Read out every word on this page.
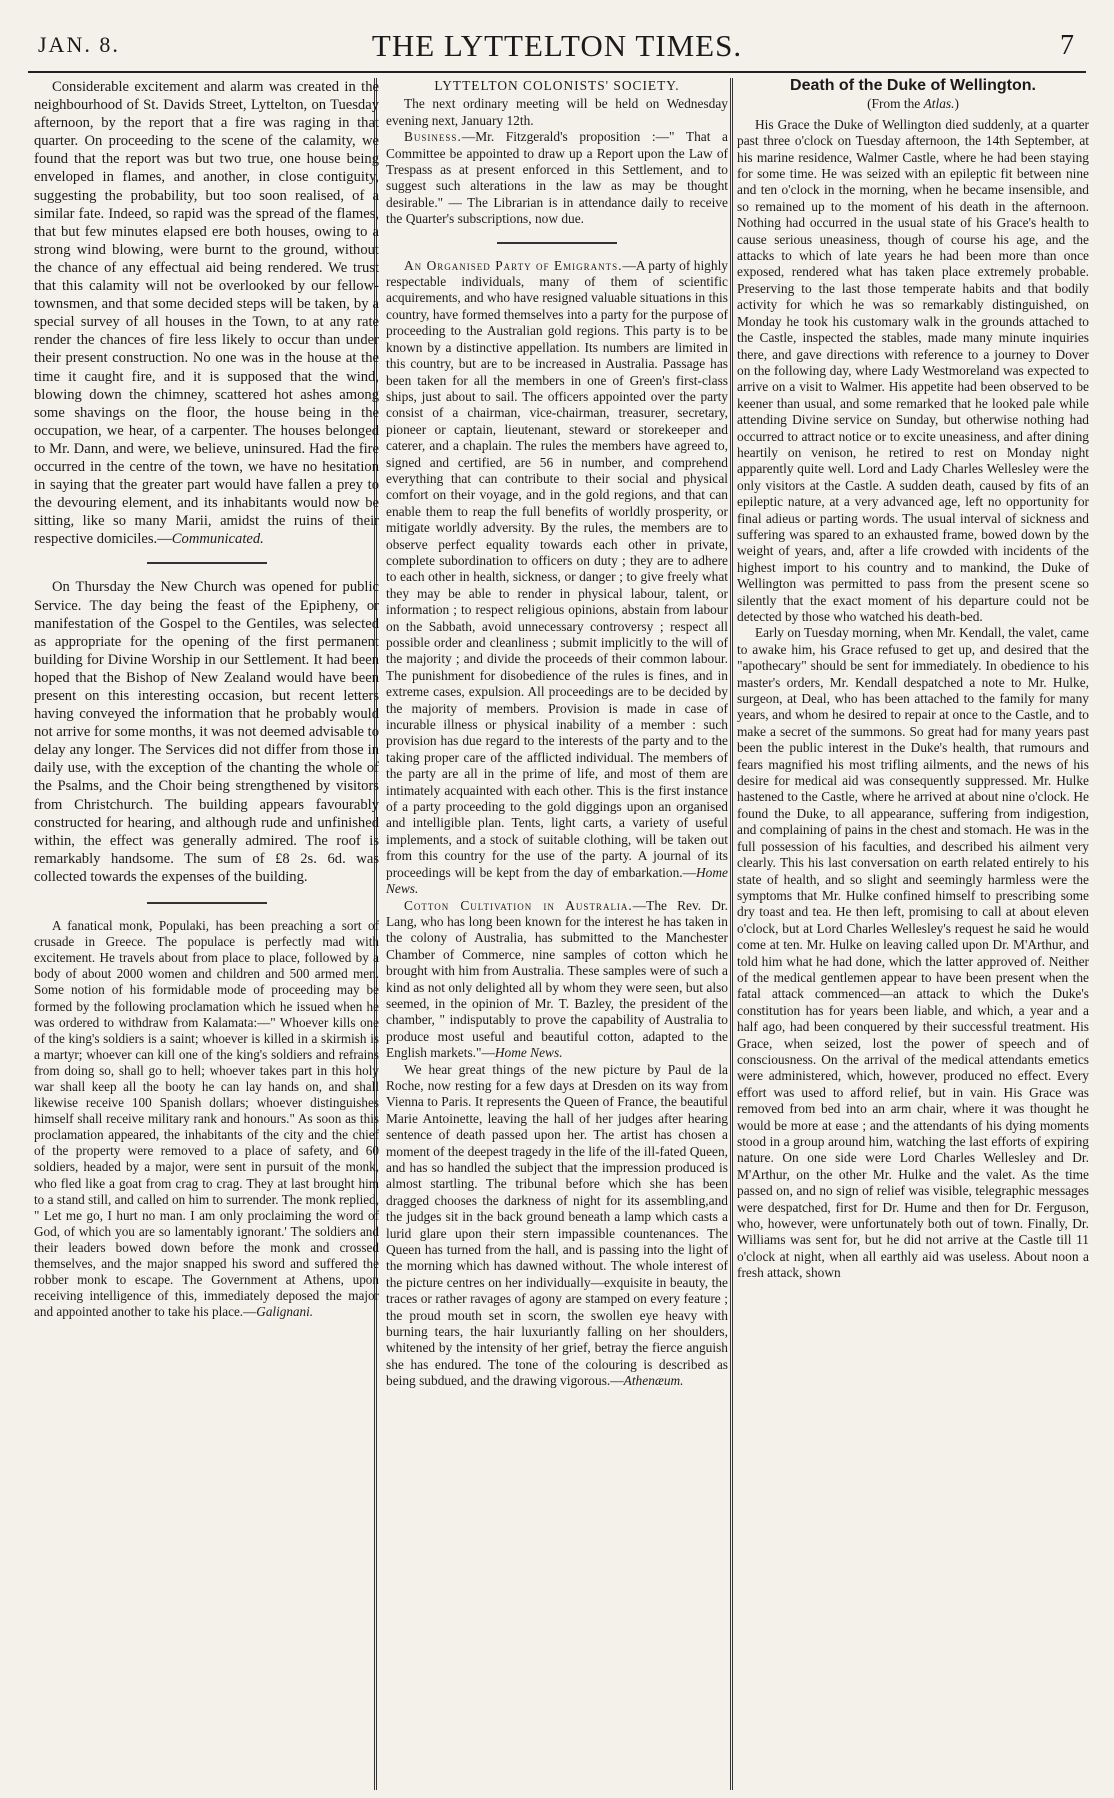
JAN. 8.	THE LYTTELTON TIMES.	7

Considerable excitement and alarm was created in the neighbourhood of St. Davids Street, Lyttelton, on Tuesday afternoon, by the report that a fire was raging in that quarter. On proceeding to the scene of the calamity, we found that the report was but two true, one house being enveloped in flames, and another, in close contiguity, suggesting the probability, but too soon realised, of a similar fate. Indeed, so rapid was the spread of the flames, that but few minutes elapsed ere both houses, owing to a strong wind blowing, were burnt to the ground, without the chance of any effectual aid being rendered. We trust that this calamity will not be overlooked by our fellow-townsmen, and that some decided steps will be taken, by a special survey of all houses in the Town, to at any rate render the chances of fire less likely to occur than under their present construction. No one was in the house at the time it caught fire, and it is supposed that the wind, blowing down the chimney, scattered hot ashes among some shavings on the floor, the house being in the occupation, we hear, of a carpenter. The houses belonged to Mr. Dann, and were, we believe, uninsured. Had the fire occurred in the centre of the town, we have no hesitation in saying that the greater part would have fallen a prey to the devouring element, and its inhabitants would now be sitting, like so many Marii, amidst the ruins of their respective domiciles.—Communicated.

On Thursday the New Church was opened for public Service. The day being the feast of the Epipheny, or manifestation of the Gospel to the Gentiles, was selected as appropriate for the opening of the first permanent building for Divine Worship in our Settlement. It had been hoped that the Bishop of New Zealand would have been present on this interesting occasion, but recent letters having conveyed the information that he probably would not arrive for some months, it was not deemed advisable to delay any longer. The Services did not differ from those in daily use, with the exception of the chanting the whole of the Psalms, and the Choir being strengthened by visitors from Christchurch. The building appears favourably constructed for hearing, and although rude and unfinished within, the effect was generally admired. The roof is remarkably handsome. The sum of £8 2s. 6d. was collected towards the expenses of the building.

A fanatical monk, Populaki, has been preaching a sort of crusade in Greece. The populace is perfectly mad with excitement. He travels about from place to place, followed by a body of about 2000 women and children and 500 armed men. Some notion of his formidable mode of proceeding may be formed by the following proclamation which he issued when he was ordered to withdraw from Kalamata:—" Whoever kills one of the king's soldiers is a saint; whoever is killed in a skirmish is a martyr; whoever can kill one of the king's soldiers and refrains from doing so, shall go to hell; whoever takes part in this holy war shall keep all the booty he can lay hands on, and shall likewise receive 100 Spanish dollars; whoever distinguishes himself shall receive military rank and honours." As soon as this proclamation appeared, the inhabitants of the city and the chief of the property were removed to a place of safety, and 60 soldiers, headed by a major, were sent in pursuit of the monk, who fled like a goat from crag to crag. They at last brought him to a stand still, and called on him to surrender. The monk replied, " Let me go, I hurt no man. I am only proclaiming the word of God, of which you are so lamentably ignorant.' The soldiers and their leaders bowed down before the monk and crossed themselves, and the major snapped his sword and suffered the robber monk to escape. The Government at Athens, upon receiving intelligence of this, immediately deposed the major and appointed another to take his place.—Galignani.

LYTTELTON COLONISTS' SOCIETY.

The next ordinary meeting will be held on Wednesday evening next, January 12th.

Business.—Mr. Fitzgerald's proposition :—" That a Committee be appointed to draw up a Report upon the Law of Trespass as at present enforced in this Settlement, and to suggest such alterations in the law as may be thought desirable." — The Librarian is in attendance daily to receive the Quarter's subscriptions, now due.

An Organised Party of Emigrants.—A party of highly respectable individuals, many of them of scientific acquirements, and who have resigned valuable situations in this country, have formed themselves into a party for the purpose of proceeding to the Australian gold regions. This party is to be known by a distinctive appellation. Its numbers are limited in this country, but are to be increased in Australia. Passage has been taken for all the members in one of Green's first-class ships, just about to sail. The officers appointed over the party consist of a chairman, vice-chairman, treasurer, secretary, pioneer or captain, lieutenant, steward or storekeeper and caterer, and a chaplain. The rules the members have agreed to, signed and certified, are 56 in number, and comprehend everything that can contribute to their social and physical comfort on their voyage, and in the gold regions, and that can enable them to reap the full benefits of worldly prosperity, or mitigate worldly adversity. By the rules, the members are to observe perfect equality towards each other in private, complete subordination to officers on duty ; they are to adhere to each other in health, sickness, or danger ; to give freely what they may be able to render in physical labour, talent, or information ; to respect religious opinions, abstain from labour on the Sabbath, avoid unnecessary controversy ; respect all possible order and cleanliness ; submit implicitly to the will of the majority ; and divide the proceeds of their common labour. The punishment for disobedience of the rules is fines, and in extreme cases, expulsion. All proceedings are to be decided by the majority of members. Provision is made in case of incurable illness or physical inability of a member : such provision has due regard to the interests of the party and to the taking proper care of the afflicted individual. The members of the party are all in the prime of life, and most of them are intimately acquainted with each other. This is the first instance of a party proceeding to the gold diggings upon an organised and intelligible plan. Tents, light carts, a variety of useful implements, and a stock of suitable clothing, will be taken out from this country for the use of the party. A journal of its proceedings will be kept from the day of embarkation.—Home News.

Cotton Cultivation in Australia.—The Rev. Dr. Lang, who has long been known for the interest he has taken in the colony of Australia, has submitted to the Manchester Chamber of Commerce, nine samples of cotton which he brought with him from Australia. These samples were of such a kind as not only delighted all by whom they were seen, but also seemed, in the opinion of Mr. T. Bazley, the president of the chamber, " indisputably to prove the capability of Australia to produce most useful and beautiful cotton, adapted to the English markets."—Home News.

We hear great things of the new picture by Paul de la Roche, now resting for a few days at Dresden on its way from Vienna to Paris. It represents the Queen of France, the beautiful Marie Antoinette, leaving the hall of her judges after hearing sentence of death passed upon her. The artist has chosen a moment of the deepest tragedy in the life of the ill-fated Queen, and has so handled the subject that the impression produced is almost startling. The tribunal before which she has been dragged chooses the darkness of night for its assembling,and the judges sit in the back ground beneath a lamp which casts a lurid glare upon their stern impassible countenances. The Queen has turned from the hall, and is passing into the light of the morning which has dawned without. The whole interest of the picture centres on her individually—exquisite in beauty, the traces or rather ravages of agony are stamped on every feature ; the proud mouth set in scorn, the swollen eye heavy with burning tears, the hair luxuriantly falling on her shoulders, whitened by the intensity of her grief, betray the fierce anguish she has endured. The tone of the colouring is described as being subdued, and the drawing vigorous.—Athenæum.

Death of the Duke of Wellington.
(From the Atlas.)

His Grace the Duke of Wellington died suddenly, at a quarter past three o'clock on Tuesday afternoon, the 14th September, at his marine residence, Walmer Castle, where he had been staying for some time. He was seized with an epileptic fit between nine and ten o'clock in the morning, when he became insensible, and so remained up to the moment of his death in the afternoon. Nothing had occurred in the usual state of his Grace's health to cause serious uneasiness, though of course his age, and the attacks to which of late years he had been more than once exposed, rendered what has taken place extremely probable. Preserving to the last those temperate habits and that bodily activity for which he was so remarkably distinguished, on Monday he took his customary walk in the grounds attached to the Castle, inspected the stables, made many minute inquiries there, and gave directions with reference to a journey to Dover on the following day, where Lady Westmoreland was expected to arrive on a visit to Walmer. His appetite had been observed to be keener than usual, and some remarked that he looked pale while attending Divine service on Sunday, but otherwise nothing had occurred to attract notice or to excite uneasiness, and after dining heartily on venison, he retired to rest on Monday night apparently quite well. Lord and Lady Charles Wellesley were the only visitors at the Castle. A sudden death, caused by fits of an epileptic nature, at a very advanced age, left no opportunity for final adieus or parting words. The usual interval of sickness and suffering was spared to an exhausted frame, bowed down by the weight of years, and, after a life crowded with incidents of the highest import to his country and to mankind, the Duke of Wellington was permitted to pass from the present scene so silently that the exact moment of his departure could not be detected by those who watched his death-bed.

Early on Tuesday morning, when Mr. Kendall, the valet, came to awake him, his Grace refused to get up, and desired that the "apothecary" should be sent for immediately. In obedience to his master's orders, Mr. Kendall despatched a note to Mr. Hulke, surgeon, at Deal, who has been attached to the family for many years, and whom he desired to repair at once to the Castle, and to make a secret of the summons. So great had for many years past been the public interest in the Duke's health, that rumours and fears magnified his most trifling ailments, and the news of his desire for medical aid was consequently suppressed. Mr. Hulke hastened to the Castle, where he arrived at about nine o'clock. He found the Duke, to all appearance, suffering from indigestion, and complaining of pains in the chest and stomach. He was in the full possession of his faculties, and described his ailment very clearly. This his last conversation on earth related entirely to his state of health, and so slight and seemingly harmless were the symptoms that Mr. Hulke confined himself to prescribing some dry toast and tea. He then left, promising to call at about eleven o'clock, but at Lord Charles Wellesley's request he said he would come at ten. Mr. Hulke on leaving called upon Dr. M'Arthur, and told him what he had done, which the latter approved of. Neither of the medical gentlemen appear to have been present when the fatal attack commenced—an attack to which the Duke's constitution has for years been liable, and which, a year and a half ago, had been conquered by their successful treatment. His Grace, when seized, lost the power of speech and of consciousness. On the arrival of the medical attendants emetics were administered, which, however, produced no effect. Every effort was used to afford relief, but in vain. His Grace was removed from bed into an arm chair, where it was thought he would be more at ease ; and the attendants of his dying moments stood in a group around him, watching the last efforts of expiring nature. On one side were Lord Charles Wellesley and Dr. M'Arthur, on the other Mr. Hulke and the valet. As the time passed on, and no sign of relief was visible, telegraphic messages were despatched, first for Dr. Hume and then for Dr. Ferguson, who, however, were unfortunately both out of town. Finally, Dr. Williams was sent for, but he did not arrive at the Castle till 11 o'clock at night, when all earthly aid was useless. About noon a fresh attack, shown
